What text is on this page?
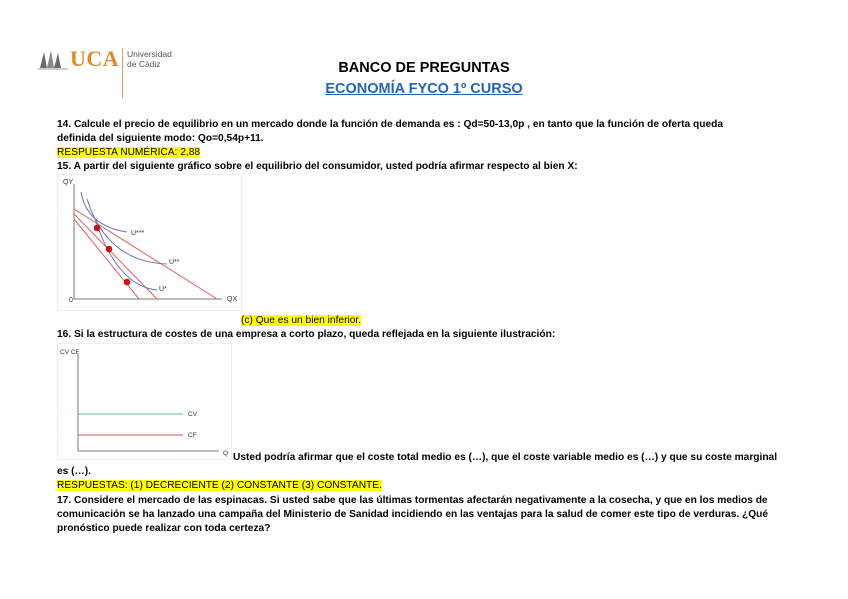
UCA Universidad
de Cádiz	BANCO DE PREGUNTAS
ECONOMÍA FYCO 1º CURSO
14. Calcule el precio de equilibrio en un mercado donde la función de demanda es : Qd=50-13,0p , en tanto que la función de oferta queda
definida del siguiente modo: Qo=0,54p+11.
RESPUESTA NUMÉRICA: 2,88
15. A partir del siguiente gráfico sobre el equilibrio del consumidor, usted podría afirmar respecto al bien X:
QY
0	QX
U***
U**
U*
(c) Que es un bien inferior.
16. Si la estructura de costes de una empresa a corto plazo, queda reflejada en la siguiente ilustración:
CV CF
Q
CV
CF
Usted podría afirmar que el coste total medio es (…), que el coste variable medio es (…) y que su coste marginal
es (…).
RESPUESTAS: (1) DECRECIENTE (2) CONSTANTE (3) CONSTANTE.
17. Considere el mercado de las espinacas. Si usted sabe que las últimas tormentas afectarán negativamente a la cosecha, y que en los medios de
comunicación se ha lanzado una campaña del Ministerio de Sanidad incidiendo en las ventajas para la salud de comer este tipo de verduras. ¿Qué
pronóstico puede realizar con toda certeza?
